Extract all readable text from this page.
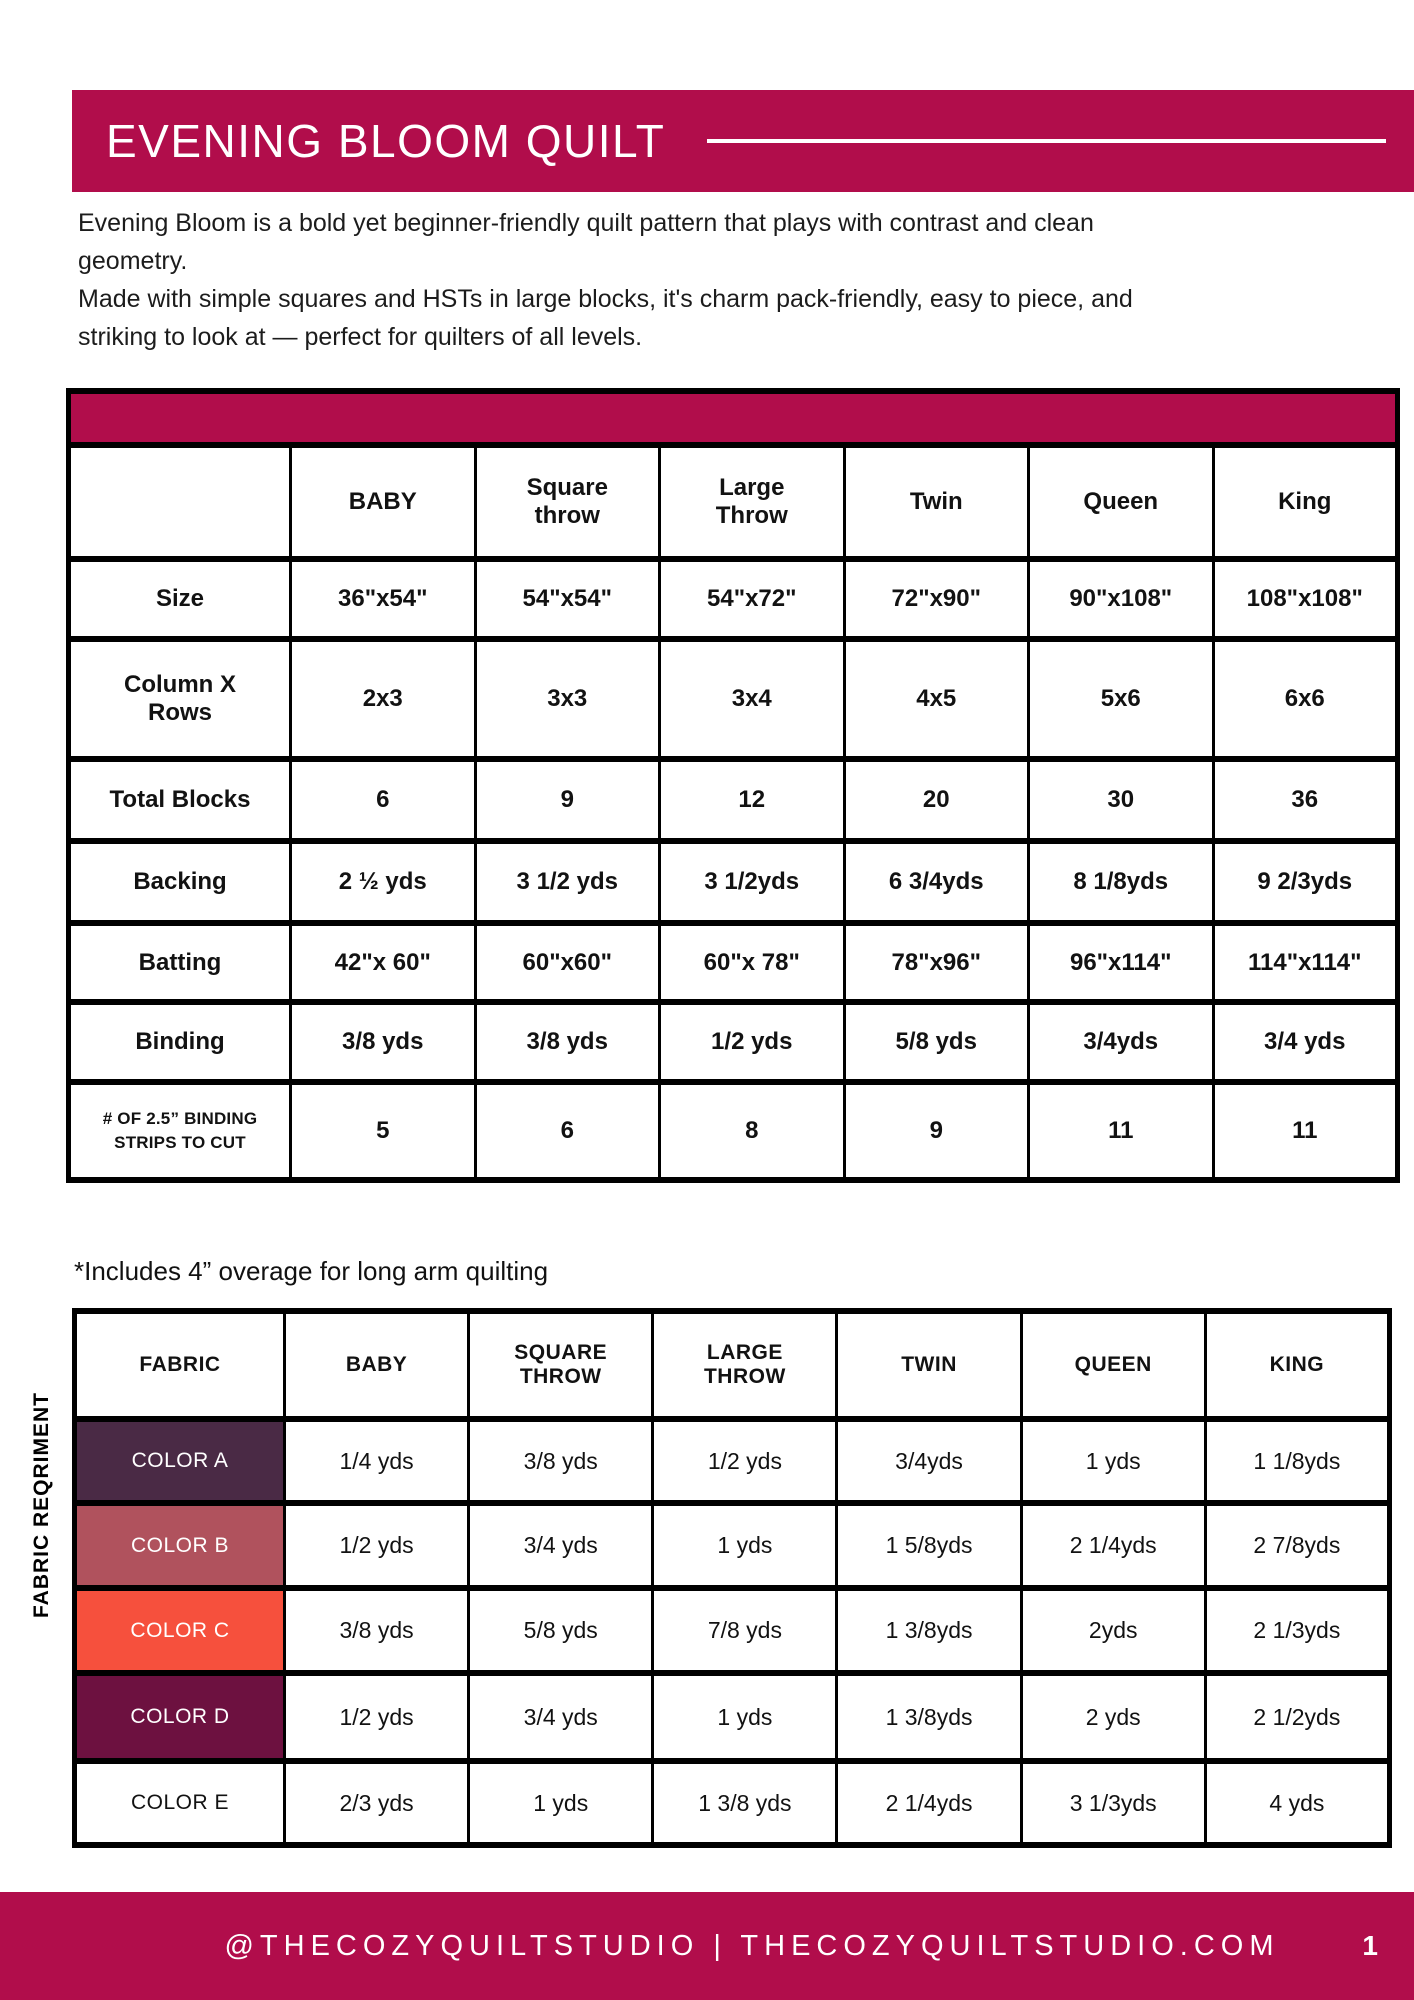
EVENING BLOOM QUILT

Evening Bloom is a bold yet beginner-friendly quilt pattern that plays with contrast and clean geometry.

Made with simple squares and HSTs in large blocks, it's charm pack-friendly, easy to piece, and striking to look at — perfect for quilters of all levels.

	BABY	Square throw	Large Throw	Twin	Queen	King
Size	36"x54"	54"x54"	54"x72"	72"x90"	90"x108"	108"x108"
Column X Rows	2x3	3x3	3x4	4x5	5x6	6x6
Total Blocks	6	9	12	20	30	36
Backing	2 ½ yds	3 1/2 yds	3 1/2yds	6 3/4yds	8 1/8yds	9 2/3yds
Batting	42"x 60"	60"x60"	60"x 78"	78"x96"	96"x114"	114"x114"
Binding	3/8 yds	3/8 yds	1/2 yds	5/8 yds	3/4yds	3/4 yds
# OF 2.5” BINDING STRIPS TO CUT	5	6	8	9	11	11
*Includes 4” overage for long arm quilting
FABRIC REQRIMENT
FABRIC	BABY	SQUARE THROW	LARGE THROW	TWIN	QUEEN	KING
COLOR A	1/4 yds	3/8 yds	1/2 yds	3/4yds	1 yds	1 1/8yds
COLOR B	1/2 yds	3/4 yds	1 yds	1 5/8yds	2 1/4yds	2 7/8yds
COLOR C	3/8 yds	5/8 yds	7/8 yds	1 3/8yds	2yds	2 1/3yds
COLOR D	1/2 yds	3/4 yds	1 yds	1 3/8yds	2 yds	2 1/2yds
COLOR E	2/3 yds	1 yds	1 3/8 yds	2 1/4yds	3 1/3yds	4 yds
@THECOZYQUILTSTUDIO | THECOZYQUILTSTUDIO.COM	1
